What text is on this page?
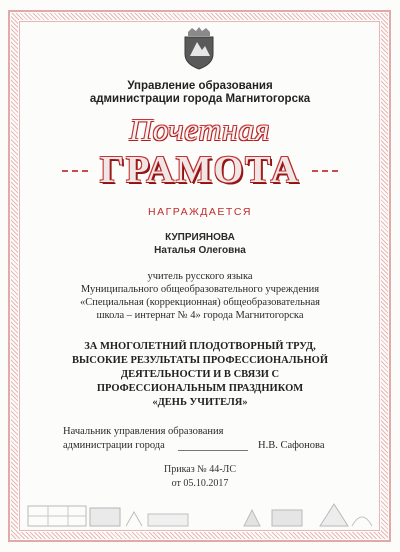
Управление образования
администрации города Магнитогорска
Почетная
ГРАМОТА
НАГРАЖДАЕТСЯ
КУПРИЯНОВА
Наталья Олеговна
учитель русского языка
Муниципального общеобразовательного учреждения
«Специальная (коррекционная) общеобразовательная
школа – интернат № 4» города Магнитогорска
ЗА МНОГОЛЕТНИЙ ПЛОДОТВОРНЫЙ ТРУД,
ВЫСОКИЕ РЕЗУЛЬТАТЫ ПРОФЕССИОНАЛЬНОЙ
ДЕЯТЕЛЬНОСТИ И В СВЯЗИ С
ПРОФЕССИОНАЛЬНЫМ ПРАЗДНИКОМ
«ДЕНЬ УЧИТЕЛЯ»
Начальник управления образования
администрации города	Н.В. Сафонова
Приказ № 44-ЛС
от 05.10.2017
